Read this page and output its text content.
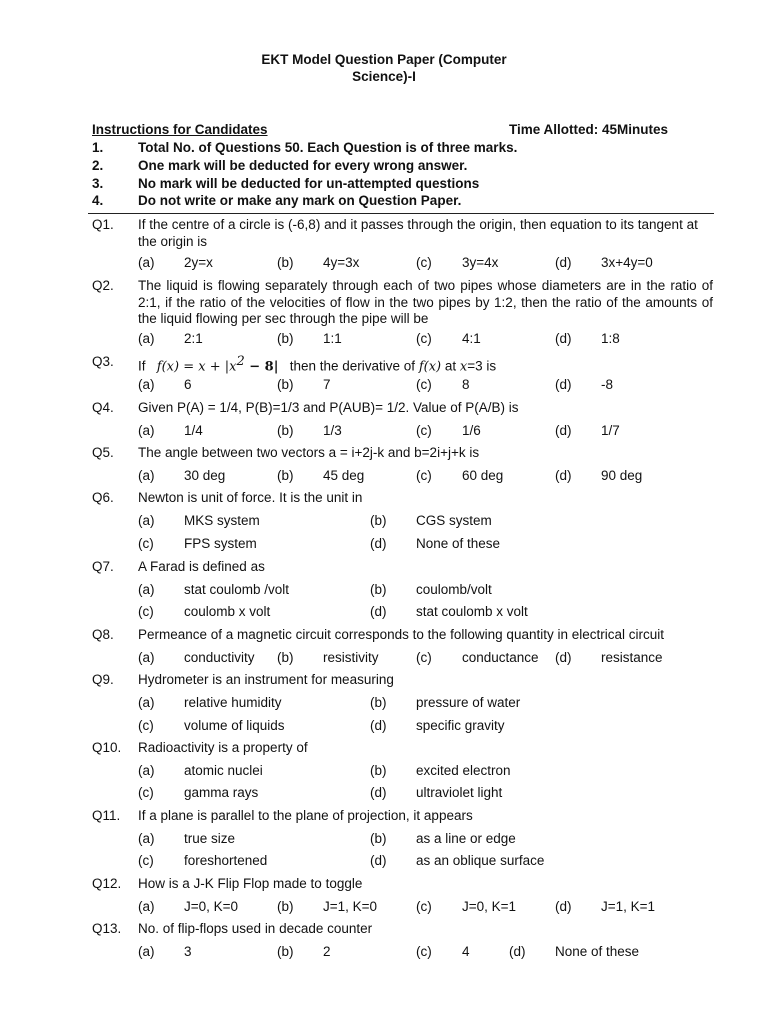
EKT Model Question Paper (Computer
Science)-I
Instructions for Candidates	Time Allotted: 45Minutes
1.	Total No. of Questions 50. Each Question is of three marks.
2.	One mark will be deducted for every wrong answer.
3.	No mark will be deducted for un-attempted questions
4.	Do not write or make any mark on Question Paper.
Q1. If the centre of a circle is (-6,8) and it passes through the origin, then equation to its tangent at the origin is
(a) 2y=x	(b) 4y=3x	(c) 3y=4x	(d) 3x+4y=0
Q2. The liquid is flowing separately through each of two pipes whose diameters are in the ratio of 2:1, if the ratio of the velocities of flow in the two pipes by 1:2, then the ratio of the amounts of the liquid flowing per sec through the pipe will be
(a) 2:1	(b) 1:1	(c) 4:1	(d) 1:8
Q3. If $f(x) = x + |x^2 - 8|$ then the derivative of f(x) at x=3 is
(a) 6	(b) 7	(c) 8	(d) -8
Q4. Given P(A) = 1/4, P(B)=1/3 and P(AUB)= 1/2. Value of P(A/B) is
(a) 1/4	(b) 1/3	(c) 1/6	(d) 1/7
Q5. The angle between two vectors a = i+2j-k and b=2i+j+k is
(a) 30 deg	(b) 45 deg	(c) 60 deg	(d) 90 deg
Q6. Newton is unit of force. It is the unit in
(a) MKS system	(b) CGS system
(c) FPS system	(d) None of these
Q7. A Farad is defined as
(a) stat coulomb /volt	(b) coulomb/volt
(c) coulomb x volt	(d) stat coulomb x volt
Q8. Permeance of a magnetic circuit corresponds to the following quantity in electrical circuit
(a) conductivity (b) resistivity	(c) conductance (d) resistance
Q9. Hydrometer is an instrument for measuring
(a) relative humidity	(b) pressure of water
(c) volume of liquids	(d) specific gravity
Q10. Radioactivity is a property of
(a) atomic nuclei	(b) excited electron
(c) gamma rays	(d) ultraviolet light
Q11. If a plane is parallel to the plane of projection, it appears
(a) true size	(b) as a line or edge
(c) foreshortened	(d) as an oblique surface
Q12. How is a J-K Flip Flop made to toggle
(a) J=0, K=0	(b) J=1, K=0	(c) J=0, K=1	(d) J=1, K=1
Q13. No. of flip-flops used in decade counter
(a) 3	(b) 2	(c) 4	(d) None of these
